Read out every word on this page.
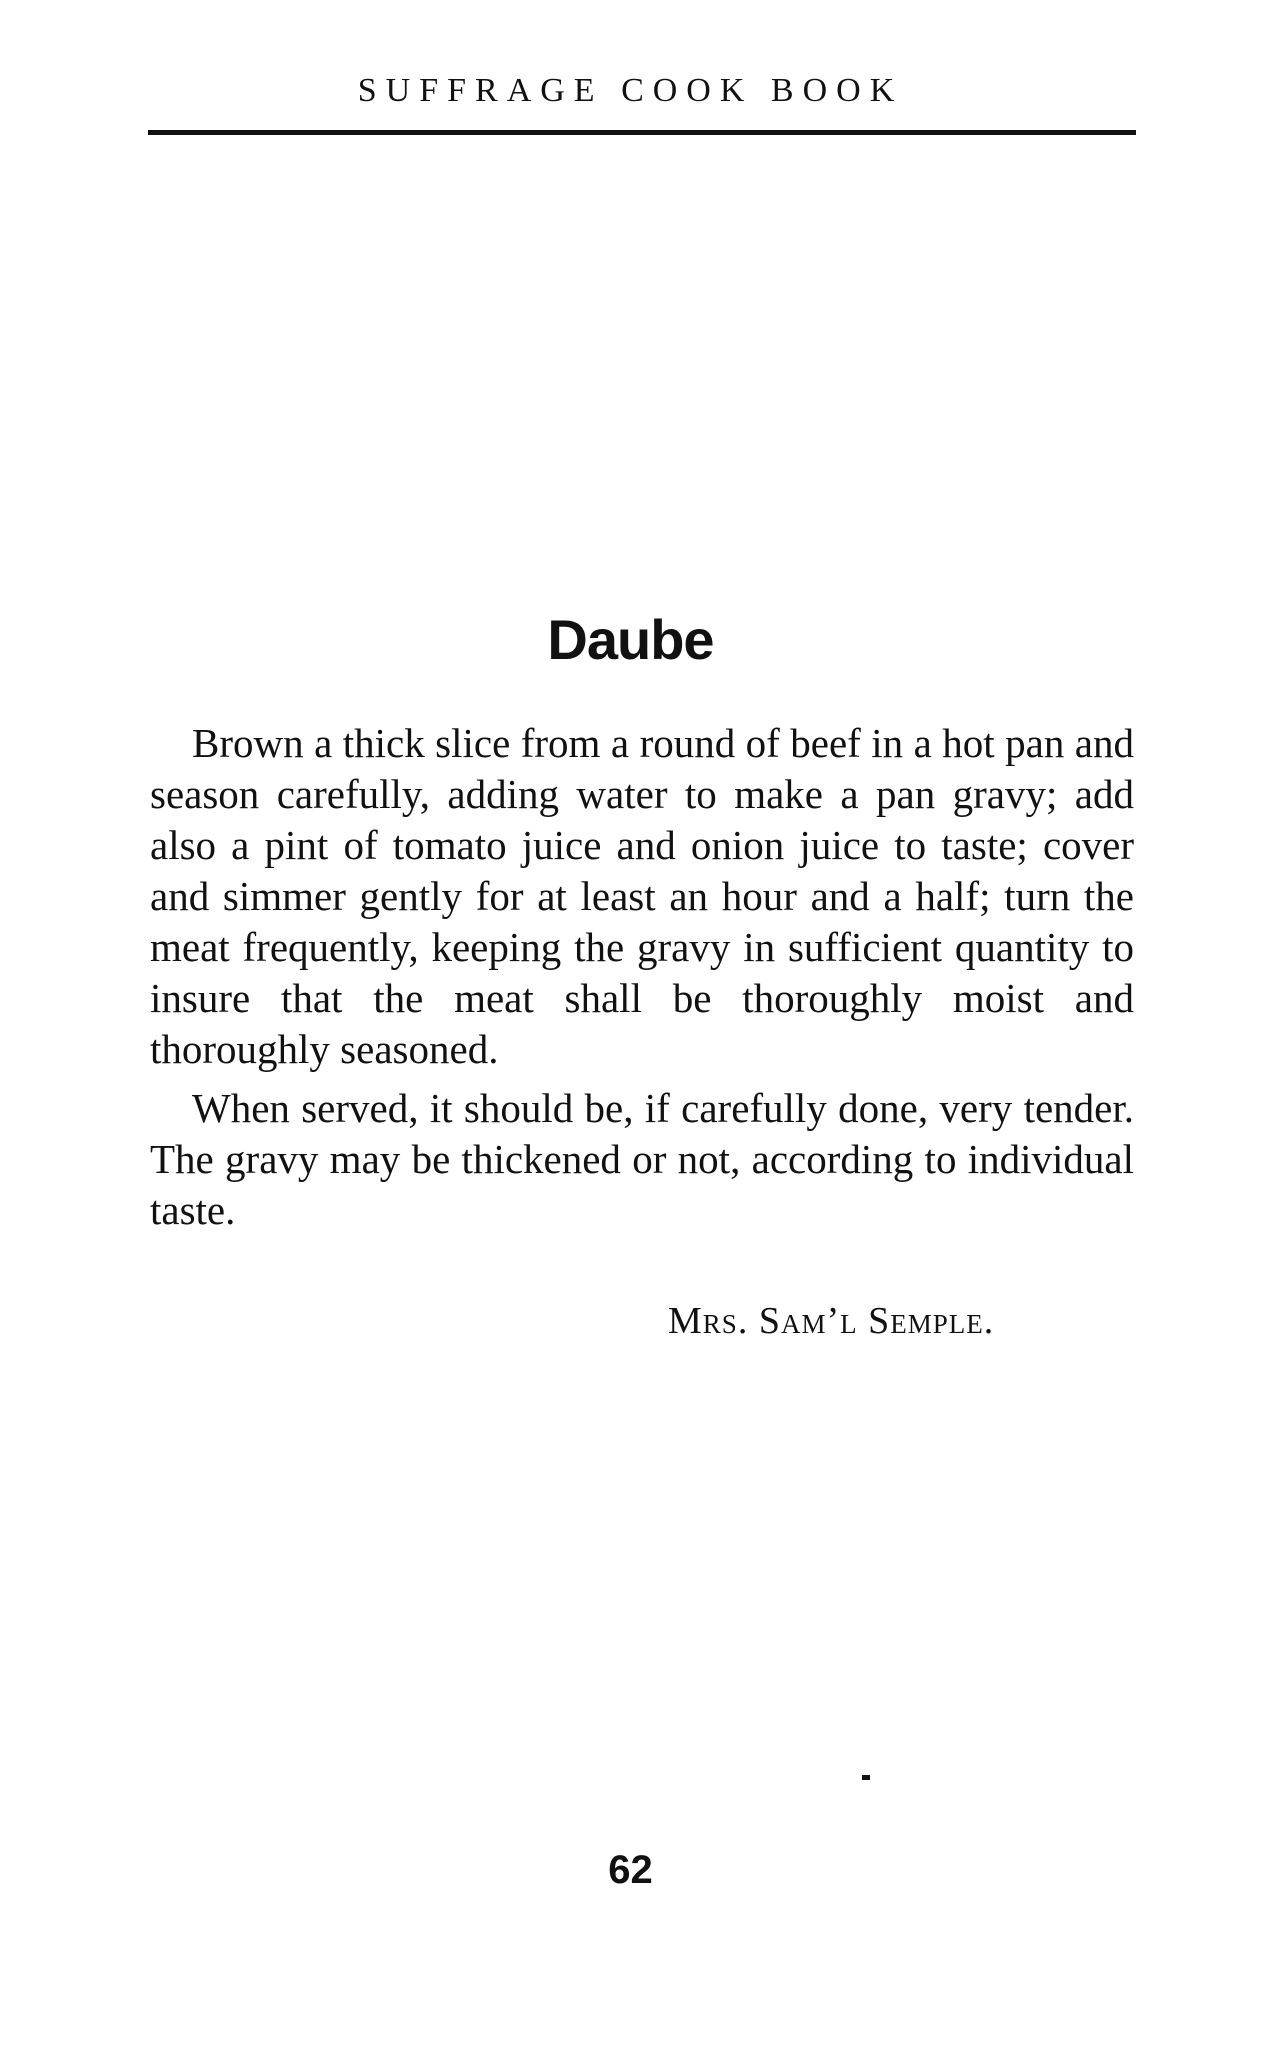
SUFFRAGE COOK BOOK
Daube

Brown a thick slice from a round of beef in a hot pan and season carefully, adding water to make a pan gravy; add also a pint of tomato juice and onion juice to taste; cover and simmer gently for at least an hour and a half; turn the meat frequently, keeping the gravy in sufficient quantity to insure that the meat shall be thoroughly moist and thoroughly seasoned.

When served, it should be, if carefully done, very tender. The gravy may be thickened or not, according to individual taste.

Mrs. Sam’l Semple.
62
